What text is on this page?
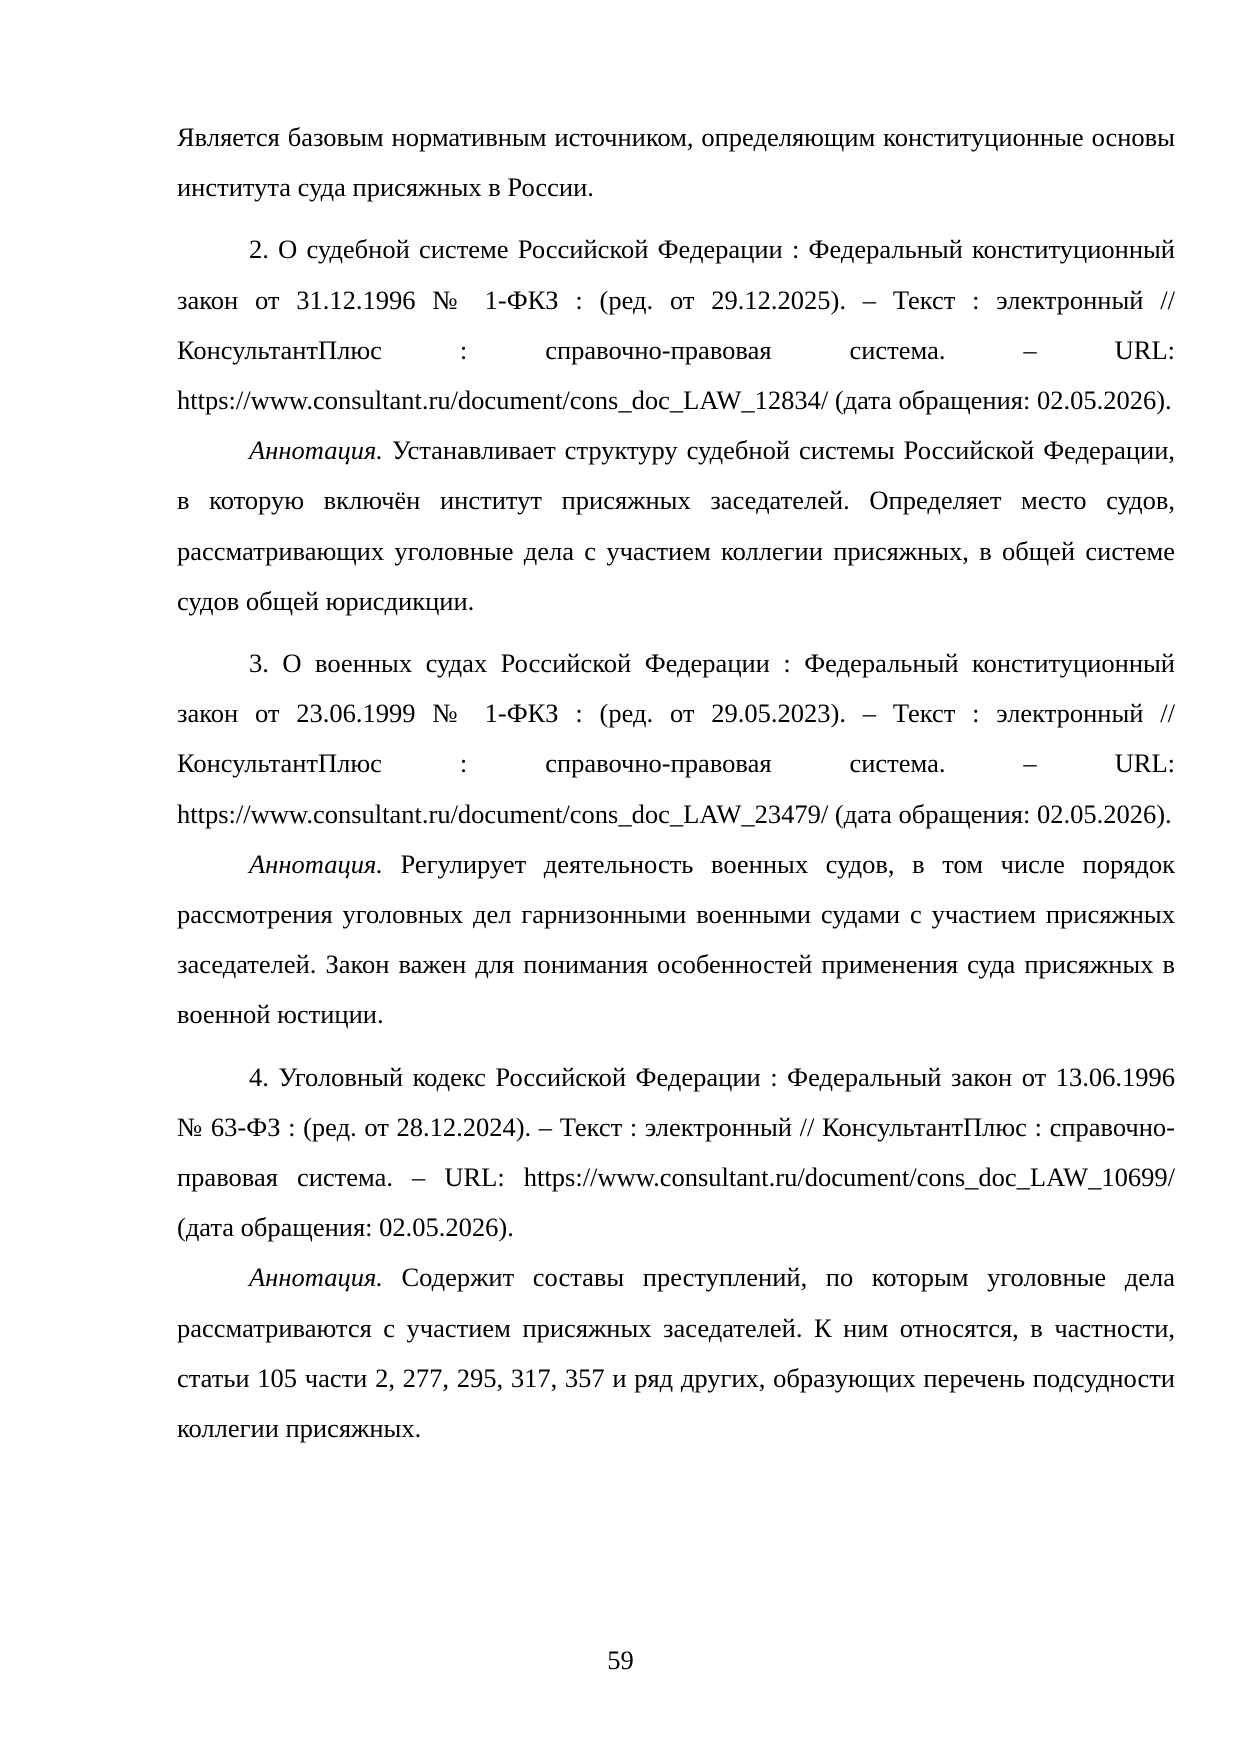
Является базовым нормативным источником, определяющим конституционные основы института суда присяжных в России.

2. О судебной системе Российской Федерации : Федеральный конституционный закон от 31.12.1996 № 1-ФКЗ : (ред. от 29.12.2025). – Текст : электронный // КонсультантПлюс : справочно-правовая система. – URL: https://www.consultant.ru/document/cons_doc_LAW_12834/ (дата обращения: 02.05.2026).

Аннотация. Устанавливает структуру судебной системы Российской Федерации, в которую включён институт присяжных заседателей. Определяет место судов, рассматривающих уголовные дела с участием коллегии присяжных, в общей системе судов общей юрисдикции.

3. О военных судах Российской Федерации : Федеральный конституционный закон от 23.06.1999 № 1-ФКЗ : (ред. от 29.05.2023). – Текст : электронный // КонсультантПлюс : справочно-правовая система. – URL: https://www.consultant.ru/document/cons_doc_LAW_23479/ (дата обращения: 02.05.2026).

Аннотация. Регулирует деятельность военных судов, в том числе порядок рассмотрения уголовных дел гарнизонными военными судами с участием присяжных заседателей. Закон важен для понимания особенностей применения суда присяжных в военной юстиции.

4. Уголовный кодекс Российской Федерации : Федеральный закон от 13.06.1996 № 63-ФЗ : (ред. от 28.12.2024). – Текст : электронный // КонсультантПлюс : справочно-правовая система. – URL: https://www.consultant.ru/document/cons_doc_LAW_10699/ (дата обращения: 02.05.2026).

Аннотация. Содержит составы преступлений, по которым уголовные дела рассматриваются с участием присяжных заседателей. К ним относятся, в частности, статьи 105 части 2, 277, 295, 317, 357 и ряд других, образующих перечень подсудности коллегии присяжных.

59
